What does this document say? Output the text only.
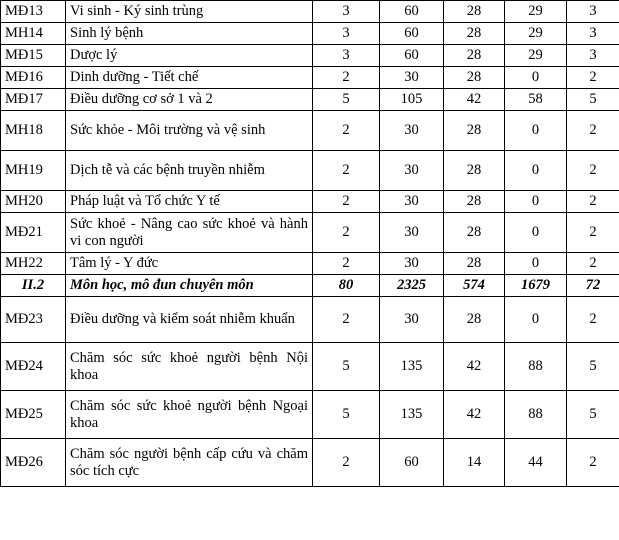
MĐ13	Vi sinh - Ký sinh trùng	3	60	28	29	3
MH14	Sinh lý bệnh	3	60	28	29	3
MĐ15	Dược lý	3	60	28	29	3
MĐ16	Dinh dưỡng - Tiết chế	2	30	28	0	2
MĐ17	Điều dưỡng cơ sở 1 và 2	5	105	42	58	5
MH18	Sức khỏe - Môi trường và vệ sinh	2	30	28	0	2
MH19	Dịch tễ và các bệnh truyền nhiễm	2	30	28	0	2
MH20	Pháp luật và Tổ chức Y tế	2	30	28	0	2
MĐ21	Sức khoẻ - Nâng cao sức khoẻ và hành vi con người	2	30	28	0	2
MH22	Tâm lý - Y đức	2	30	28	0	2
II.2	Môn học, mô đun chuyên môn	80	2325	574	1679	72
MĐ23	Điều dưỡng và kiểm soát nhiễm khuẩn	2	30	28	0	2
MĐ24	Chăm sóc sức khoẻ người bệnh Nội khoa	5	135	42	88	5
MĐ25	Chăm sóc sức khoẻ người bệnh Ngoại khoa	5	135	42	88	5
MĐ26	Chăm sóc người bệnh cấp cứu và chăm sóc tích cực	2	60	14	44	2
